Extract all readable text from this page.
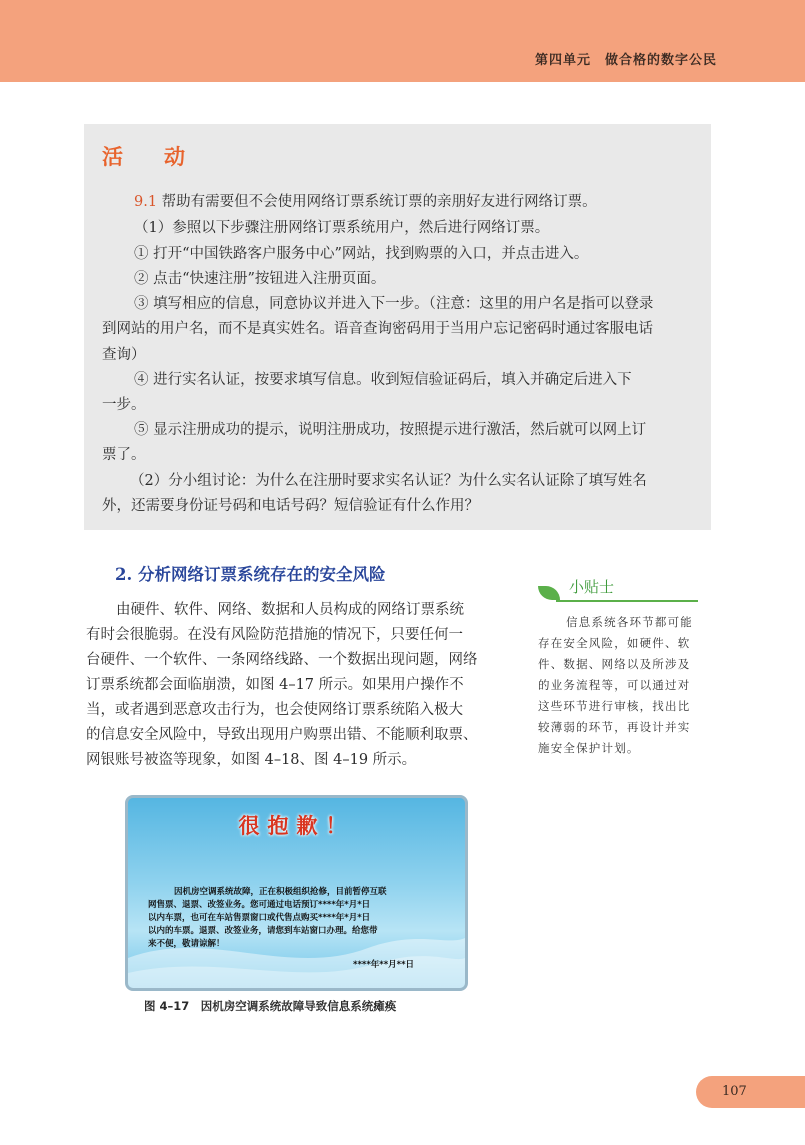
第四单元　做合格的数字公民
活　动
9.1 帮助有需要但不会使用网络订票系统订票的亲朋好友进行网络订票。
（1）参照以下步骤注册网络订票系统用户，然后进行网络订票。
① 打开“中国铁路客户服务中心”网站，找到购票的入口，并点击进入。
② 点击“快速注册”按钮进入注册页面。
③ 填写相应的信息，同意协议并进入下一步。（注意：这里的用户名是指可以登录
到网站的用户名，而不是真实姓名。语音查询密码用于当用户忘记密码时通过客服电话
查询）
④ 进行实名认证，按要求填写信息。收到短信验证码后，填入并确定后进入下
一步。
⑤ 显示注册成功的提示，说明注册成功，按照提示进行激活，然后就可以网上订
票了。
（2）分小组讨论：为什么在注册时要求实名认证？为什么实名认证除了填写姓名
外，还需要身份证号码和电话号码？短信验证有什么作用？
2. 分析网络订票系统存在的安全风险
由硬件、软件、网络、数据和人员构成的网络订票系统
有时会很脆弱。在没有风险防范措施的情况下，只要任何一
台硬件、一个软件、一条网络线路、一个数据出现问题，网络
订票系统都会面临崩溃，如图 4–17 所示。如果用户操作不
当，或者遇到恶意攻击行为，也会使网络订票系统陷入极大
的信息安全风险中，导致出现用户购票出错、不能顺利取票、
网银账号被盗等现象，如图 4–18、图 4–19 所示。
小贴士
信息系统各环节都可能
存在安全风险，如硬件、软
件、数据、网络以及所涉及
的业务流程等，可以通过对
这些环节进行审核，找出比
较薄弱的环节，再设计并实
施安全保护计划。
很抱歉！
因机房空调系统故障，正在积极组织抢修，目前暂停互联
网售票、退票、改签业务。您可通过电话预订****年*月*日
以内车票，也可在车站售票窗口或代售点购买****年*月*日
以内的车票。退票、改签业务，请您到车站窗口办理。给您带
来不便，敬请谅解！
****年**月**日
图 4–17　因机房空调系统故障导致信息系统瘫痪
107
